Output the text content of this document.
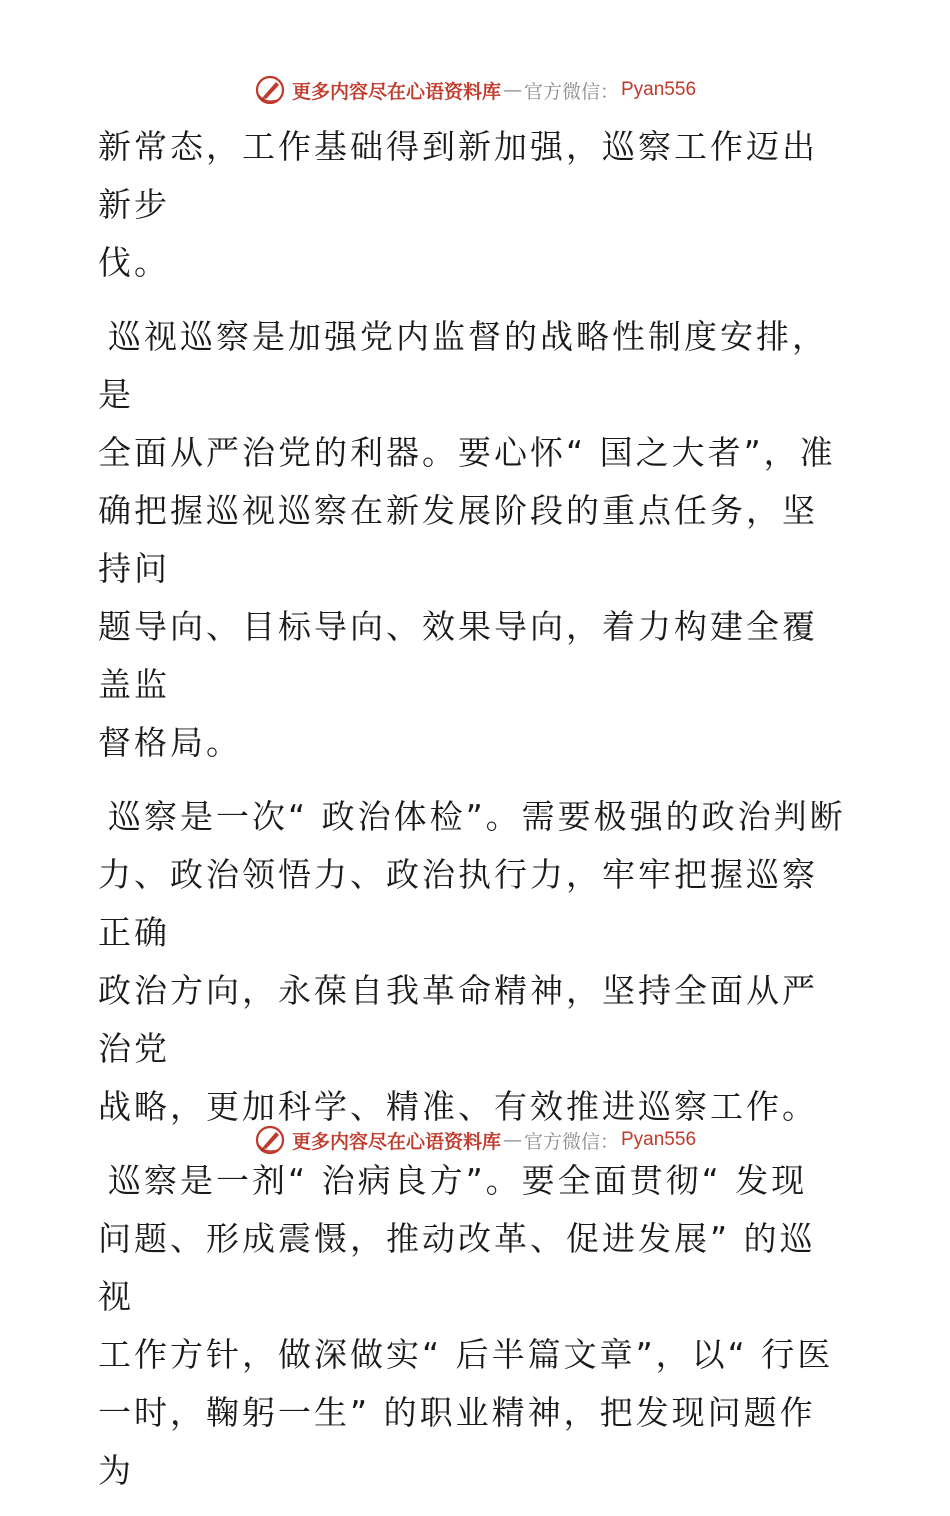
更多内容尽在心语资料库 — 官方微信： Pyan556

新常态，工作基础得到新加强，巡察工作迈出新步
伐。

巡视巡察是加强党内监督的战略性制度安排，是
全面从严治党的利器。要心怀“ 国之大者”，准
确把握巡视巡察在新发展阶段的重点任务，坚持问
题导向、目标导向、效果导向，着力构建全覆盖监
督格局。

巡察是一次“ 政治体检”。需要极强的政治判断
力、政治领悟力、政治执行力，牢牢把握巡察正确
政治方向，永葆自我革命精神，坚持全面从严治党
战略，更加科学、精准、有效推进巡察工作。

巡察是一剂“ 治病良方”。要全面贯彻“ 发现
问题、形成震慑，推动改革、促进发展” 的巡视
工作方针，做深做实“ 后半篇文章”，以“ 行医
一时，鞠躬一生” 的职业精神，把发现问题作为

更多内容尽在心语资料库 — 官方微信： Pyan556
